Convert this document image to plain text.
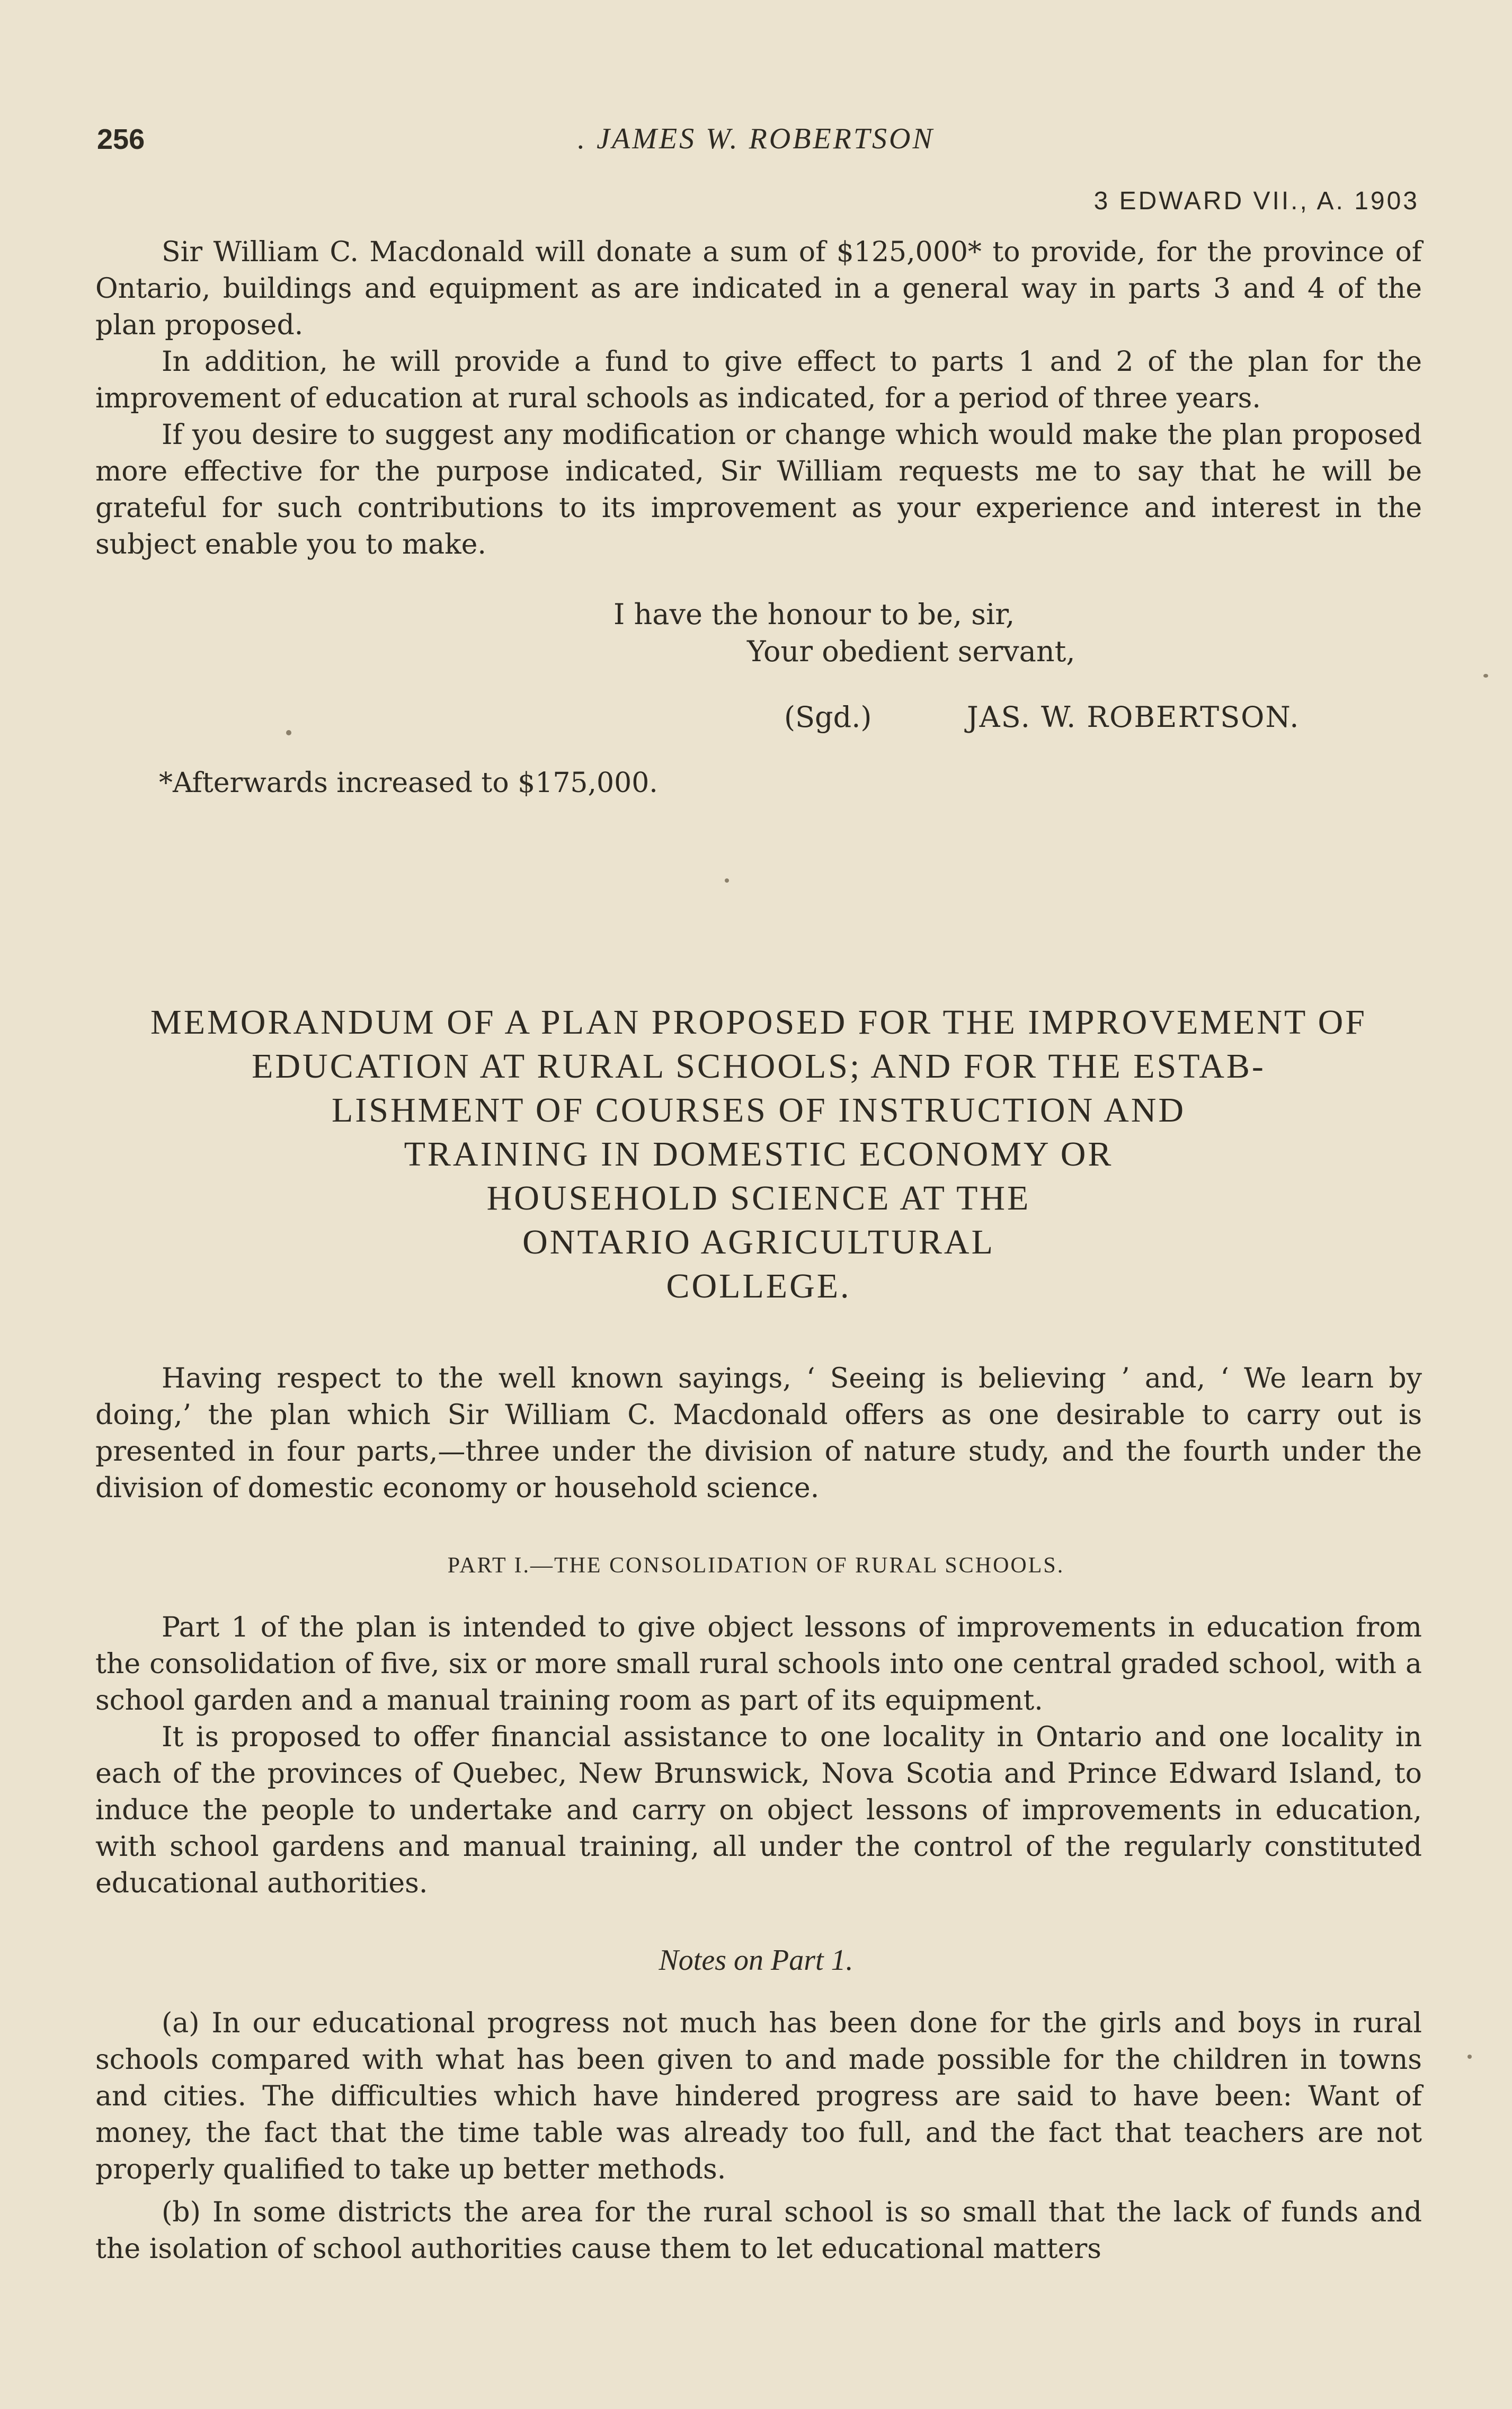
256	. JAMES W. ROBERTSON
3 EDWARD VII., A. 1903

Sir William C. Macdonald will donate a sum of $125,000* to provide, for the province of Ontario, buildings and equipment as are indicated in a general way in parts 3 and 4 of the plan proposed.

In addition, he will provide a fund to give effect to parts 1 and 2 of the plan for the improvement of education at rural schools as indicated, for a period of three years.

If you desire to suggest any modification or change which would make the plan proposed more effective for the purpose indicated, Sir William requests me to say that he will be grateful for such contributions to its improvement as your experience and interest in the subject enable you to make.

I have the honour to be, sir,
Your obedient servant,
(Sgd.)	JAS. W. ROBERTSON.
*Afterwards increased to $175,000.
MEMORANDUM OF A PLAN PROPOSED FOR THE IMPROVEMENT OF
EDUCATION AT RURAL SCHOOLS; AND FOR THE ESTAB-
LISHMENT OF COURSES OF INSTRUCTION AND
TRAINING IN DOMESTIC ECONOMY OR
HOUSEHOLD SCIENCE AT THE
ONTARIO AGRICULTURAL
COLLEGE.

Having respect to the well known sayings, ‘ Seeing is believing ’ and, ‘ We learn by doing,’ the plan which Sir William C. Macdonald offers as one desirable to carry out is presented in four parts,—three under the division of nature study, and the fourth under the division of domestic economy or household science.

PART I.—THE CONSOLIDATION OF RURAL SCHOOLS.

Part 1 of the plan is intended to give object lessons of improvements in education from the consolidation of five, six or more small rural schools into one central graded school, with a school garden and a manual training room as part of its equipment.

It is proposed to offer financial assistance to one locality in Ontario and one locality in each of the provinces of Quebec, New Brunswick, Nova Scotia and Prince Edward Island, to induce the people to undertake and carry on object lessons of improvements in education, with school gardens and manual training, all under the control of the regularly constituted educational authorities.

Notes on Part 1.

(a) In our educational progress not much has been done for the girls and boys in rural schools compared with what has been given to and made possible for the children in towns and cities. The difficulties which have hindered progress are said to have been: Want of money, the fact that the time table was already too full, and the fact that teachers are not properly qualified to take up better methods.

(b) In some districts the area for the rural school is so small that the lack of funds and the isolation of school authorities cause them to let educational matters
